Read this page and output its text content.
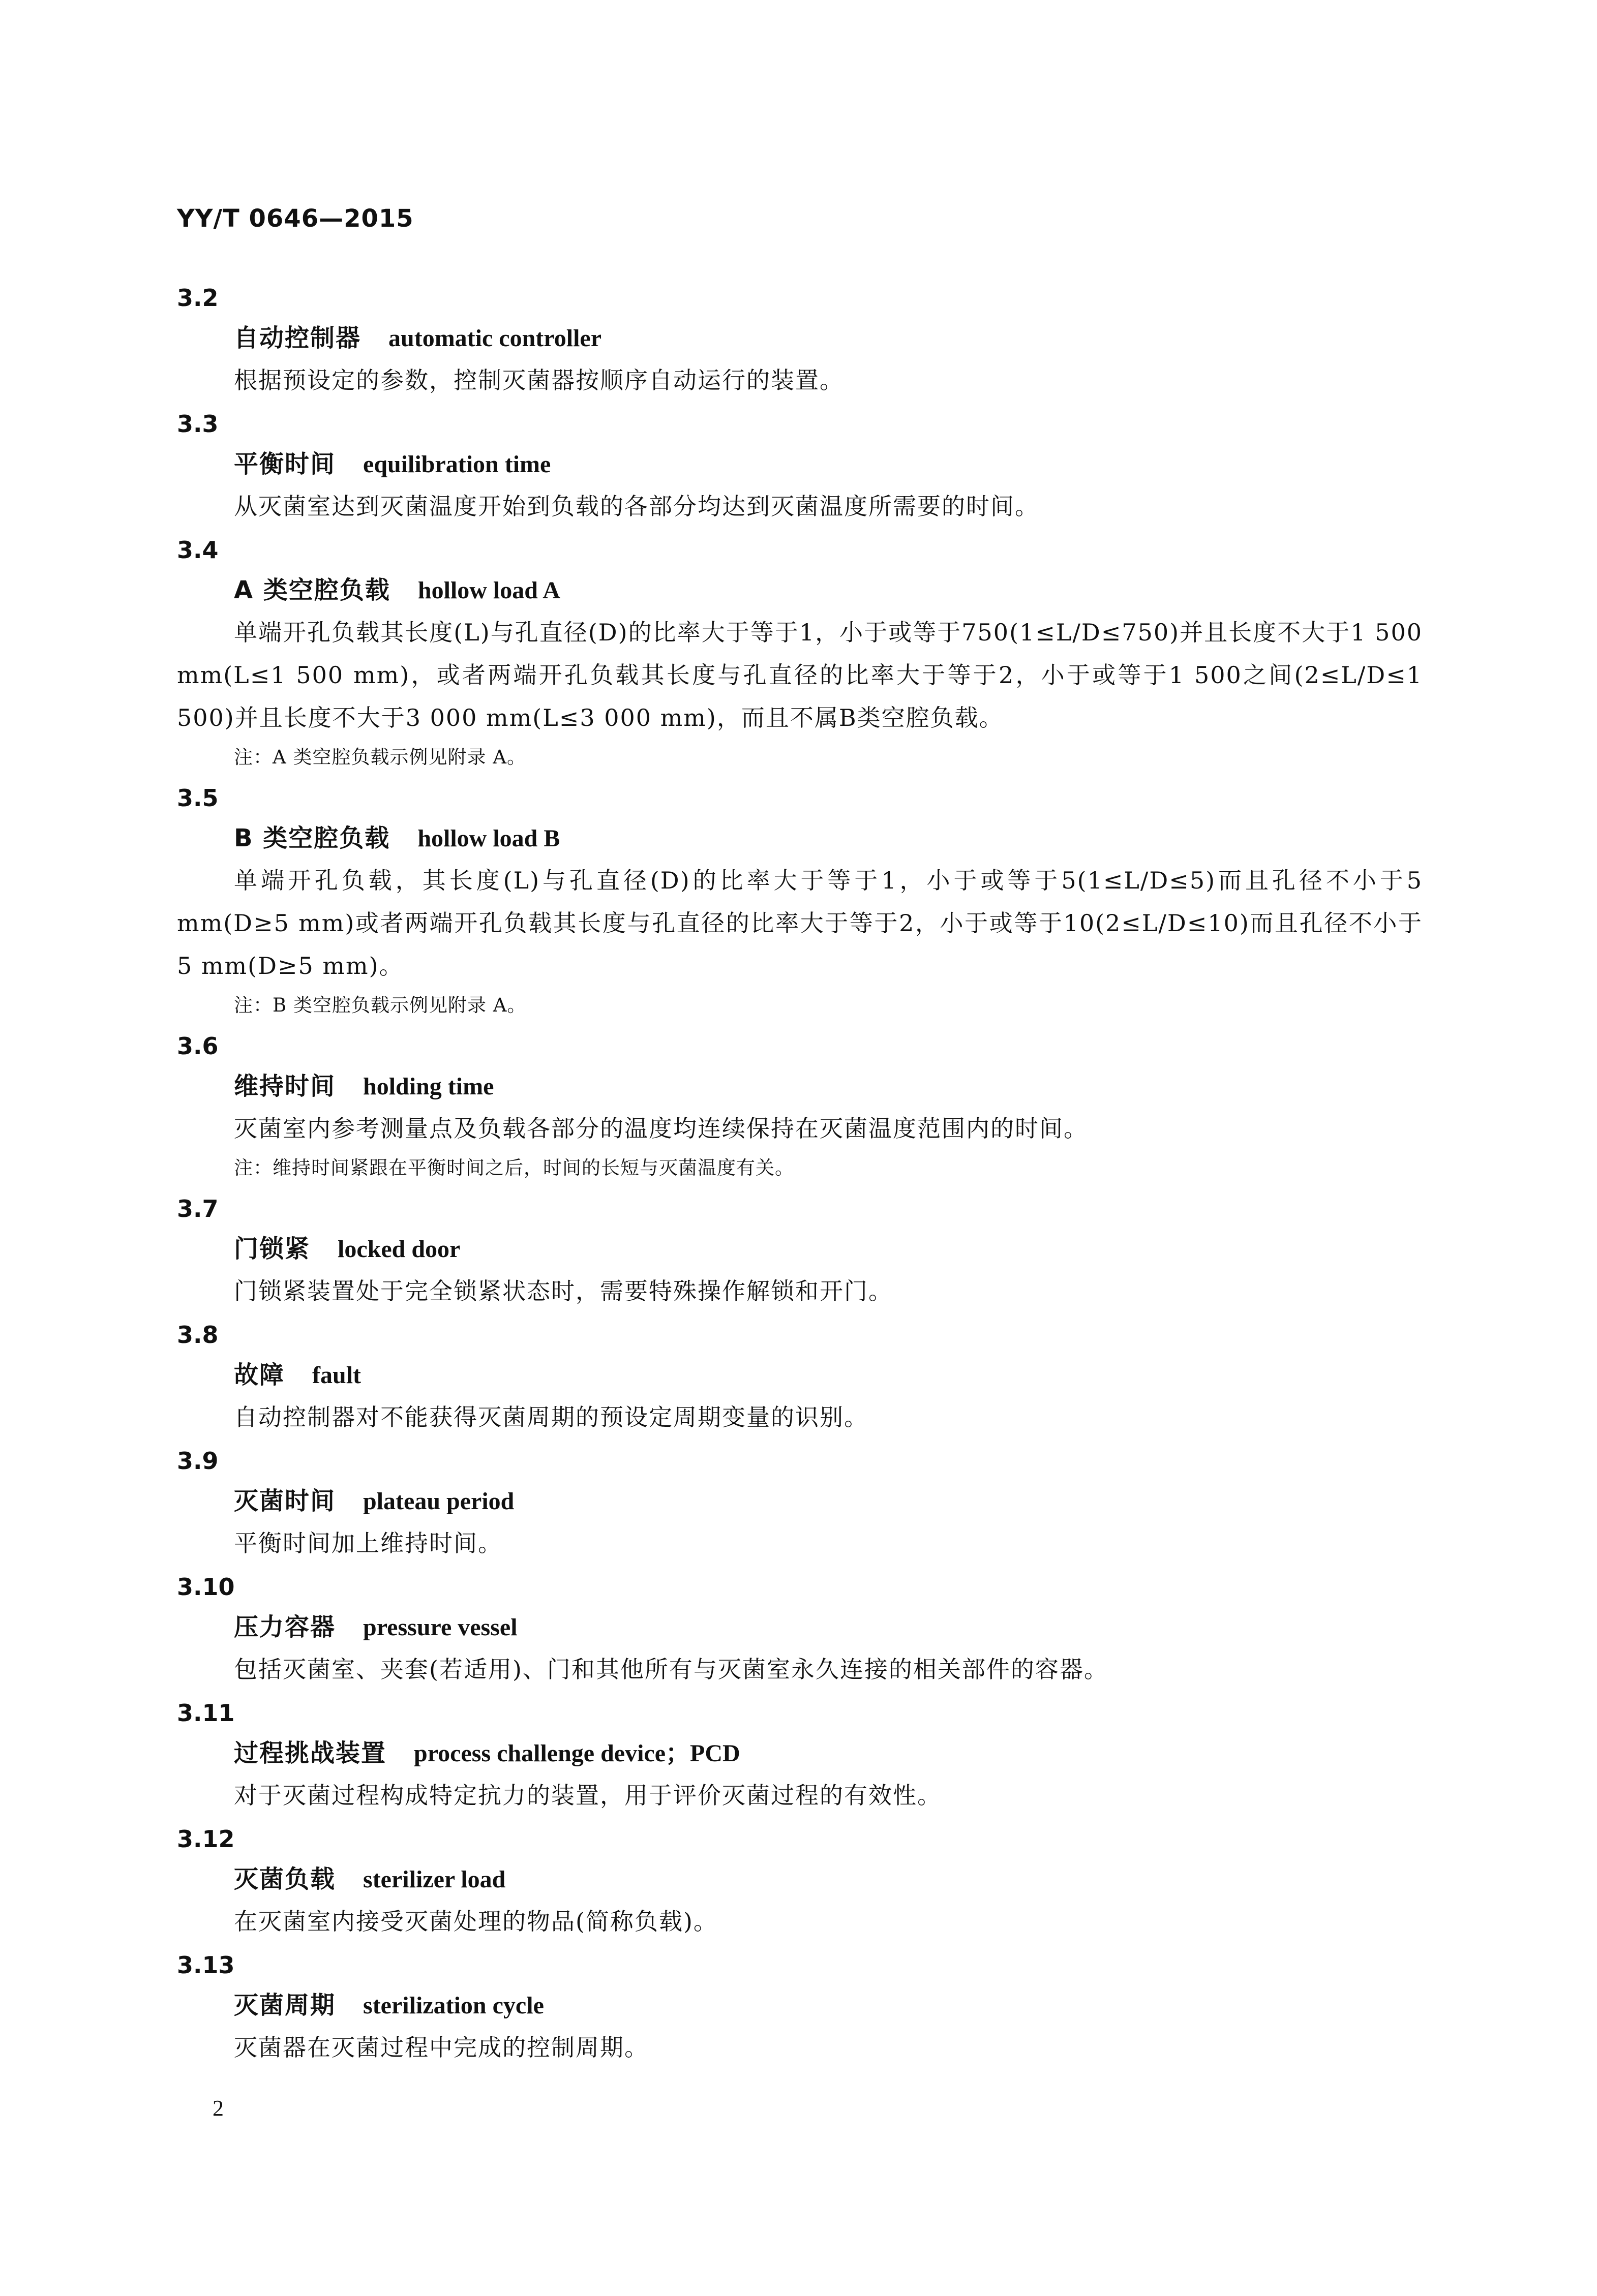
YY/T 0646—2015
3.2
自动控制器 automatic controller

根据预设定的参数，控制灭菌器按顺序自动运行的装置。

3.3
平衡时间 equilibration time

从灭菌室达到灭菌温度开始到负载的各部分均达到灭菌温度所需要的时间。

3.4
A 类空腔负载 hollow load A

单端开孔负载其长度(L)与孔直径(D)的比率大于等于1，小于或等于750(1≤L/D≤750)并且长度不大于1 500 mm(L≤1 500 mm)，或者两端开孔负载其长度与孔直径的比率大于等于2，小于或等于1 500之间(2≤L/D≤1 500)并且长度不大于3 000 mm(L≤3 000 mm)，而且不属B类空腔负载。

注：A 类空腔负载示例见附录 A。
3.5
B 类空腔负载 hollow load B

单端开孔负载，其长度(L)与孔直径(D)的比率大于等于1，小于或等于5(1≤L/D≤5)而且孔径不小于5 mm(D≥5 mm)或者两端开孔负载其长度与孔直径的比率大于等于2，小于或等于10(2≤L/D≤10)而且孔径不小于5 mm(D≥5 mm)。

注：B 类空腔负载示例见附录 A。
3.6
维持时间 holding time

灭菌室内参考测量点及负载各部分的温度均连续保持在灭菌温度范围内的时间。

注：维持时间紧跟在平衡时间之后，时间的长短与灭菌温度有关。
3.7
门锁紧 locked door

门锁紧装置处于完全锁紧状态时，需要特殊操作解锁和开门。

3.8
故障 fault

自动控制器对不能获得灭菌周期的预设定周期变量的识别。

3.9
灭菌时间 plateau period

平衡时间加上维持时间。

3.10
压力容器 pressure vessel

包括灭菌室、夹套(若适用)、门和其他所有与灭菌室永久连接的相关部件的容器。

3.11
过程挑战装置 process challenge device；PCD

对于灭菌过程构成特定抗力的装置，用于评价灭菌过程的有效性。

3.12
灭菌负载 sterilizer load

在灭菌室内接受灭菌处理的物品(简称负载)。

3.13
灭菌周期 sterilization cycle

灭菌器在灭菌过程中完成的控制周期。

2
